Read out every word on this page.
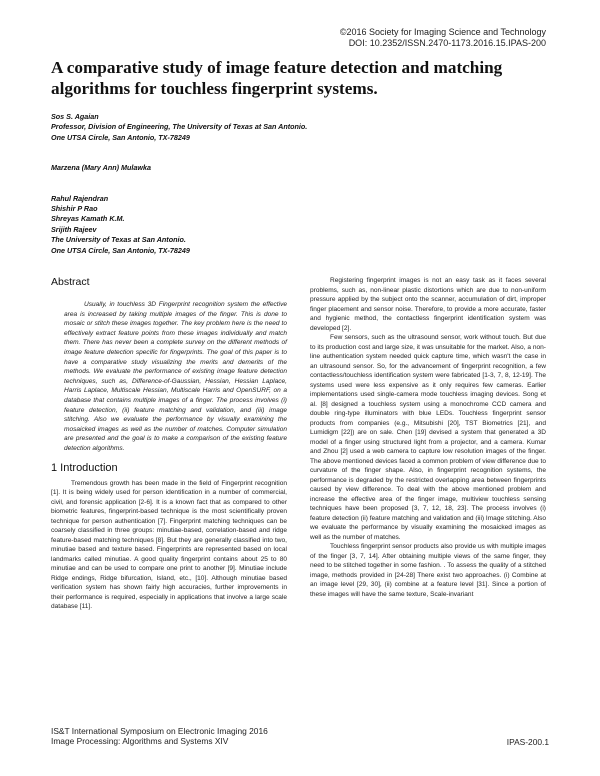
©2016 Society for Imaging Science and Technology
DOI: 10.2352/ISSN.2470-1173.2016.15.IPAS-200
A comparative study of image feature detection and matching
algorithms for touchless fingerprint systems.
Sos S. Agaian
Professor, Division of Engineering, The University of Texas at San Antonio.
One UTSA Circle, San Antonio, TX-78249
Marzena (Mary Ann) Mulawka
Rahul Rajendran
Shishir P Rao
Shreyas Kamath K.M.
Srijith Rajeev
The University of Texas at San Antonio.
One UTSA Circle, San Antonio, TX-78249
Abstract

Usually, in touchless 3D Fingerprint recognition system the effective area is increased by taking multiple images of the finger. This is done to mosaic or stitch these images together. The key problem here is the need to effectively extract feature points from these images individually and match them. There has never been a complete survey on the different methods of image feature detection specific for fingerprints. The goal of this paper is to have a comparative study visualizing the merits and demerits of the methods. We evaluate the performance of existing image feature detection techniques, such as, Difference-of-Gaussian, Hessian, Hessian Laplace, Harris Laplace, Multiscale Hessian, Multiscale Harris and OpenSURF, on a database that contains multiple images of a finger. The process involves (i) feature detection, (ii) feature matching and validation, and (iii) image stitching. Also we evaluate the performance by visually examining the mosaicked images as well as the number of matches. Computer simulation are presented and the goal is to make a comparison of the existing feature detection algorithms.

1 Introduction

Tremendous growth has been made in the field of Fingerprint recognition [1]. It is being widely used for person identification in a number of commercial, civil, and forensic application [2-6]. It is a known fact that as compared to other biometric features, fingerprint-based technique is the most scientifically proven technique for person authentication [7]. Fingerprint matching techniques can be coarsely classified in three groups: minutiae-based, correlation-based and ridge feature-based matching techniques [8]. But they are generally classified into two, minutiae based and texture based. Fingerprints are represented based on local landmarks called minutiae. A good quality fingerprint contains about 25 to 80 minutiae and can be used to compare one print to another [9]. Minutiae include Ridge endings, Ridge bifurcation, Island, etc., [10]. Although minutiae based verification system has shown fairly high accuracies, further improvements in their performance is required, especially in applications that involve a large scale database [11].

Registering fingerprint images is not an easy task as it faces several problems, such as, non-linear plastic distortions which are due to non-uniform pressure applied by the subject onto the scanner, accumulation of dirt, improper finger placement and sensor noise. Therefore, to provide a more accurate, faster and hygienic method, the contactless fingerprint identification system was developed [2].

Few sensors, such as the ultrasound sensor, work without touch. But due to its production cost and large size, it was unsuitable for the market. Also, a non-line authentication system needed quick capture time, which wasn't the case in an ultrasound sensor. So, for the advancement of fingerprint recognition, a few contactless/touchless identification system were fabricated [1-3, 7, 8, 12-19]. The systems used were less expensive as it only requires few cameras. Earlier implementations used single-camera mode touchless imaging devices. Song et al. [8] designed a touchless system using a monochrome CCD camera and double ring-type illuminators with blue LEDs. Touchless fingerprint sensor products from companies (e.g., Mitsubishi [20], TST Biometrics [21], and Lumidigm [22]) are on sale. Chen [19] devised a system that generated a 3D model of a finger using structured light from a projector, and a camera. Kumar and Zhou [2] used a web camera to capture low resolution images of the finger. The above mentioned devices faced a common problem of view difference due to curvature of the finger shape. Also, in fingerprint recognition systems, the performance is degraded by the restricted overlapping area between fingerprints caused by view difference. To deal with the above mentioned problem and increase the effective area of the finger image, multiview touchless sensing techniques have been proposed [3, 7, 12, 18, 23]. The process involves (i) feature detection (ii) feature matching and validation and (iii) Image stitching. Also we evaluate the performance by visually examining the mosaicked images as well as the number of matches.

Touchless fingerprint sensor products also provide us with multiple images of the finger [3, 7, 14]. After obtaining multiple views of the same finger, they need to be stitched together in some fashion. . To assess the quality of a stitched image, methods provided in [24-28] There exist two approaches. (i) Combine at an image level [29, 30], (ii) combine at a feature level [31]. Since a portion of these images will have the same texture, Scale-invariant

IS&T International Symposium on Electronic Imaging 2016
Image Processing: Algorithms and Systems XIV	IPAS-200.1
